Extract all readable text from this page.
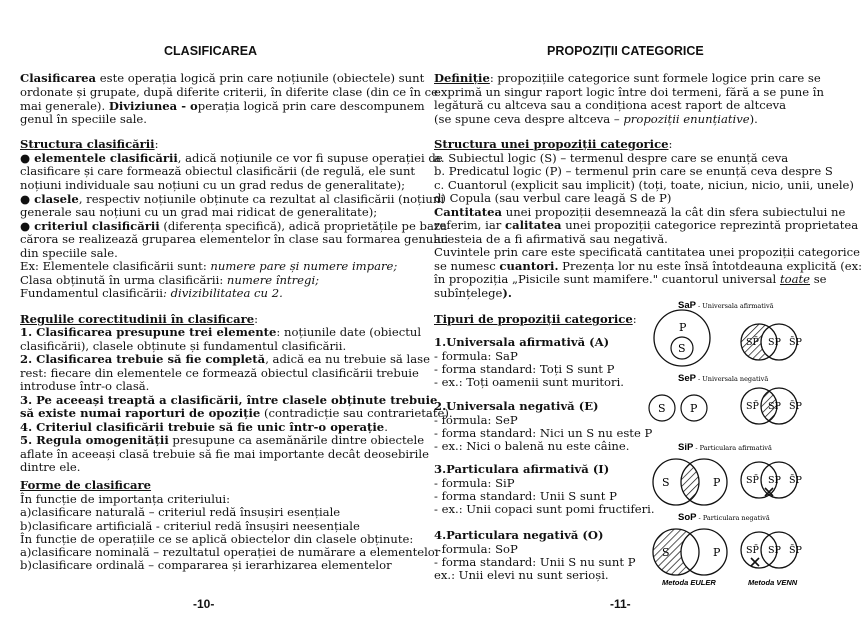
CLASIFICAREA
Clasificarea este operația logică prin care noțiunile (obiectele) sunt
ordonate și grupate, după diferite criterii, în diferite clase (din ce în ce
mai generale). Diviziunea - operația logică prin care descompunem
genul în speciile sale.
Structura clasificării:
● elementele clasificării, adică noțiunile ce vor fi supuse operației de
clasificare și care formează obiectul clasificării (de regulă, ele sunt
noțiuni individuale sau noțiuni cu un grad redus de generalitate);
● clasele, respectiv noțiunile obținute ca rezultat al clasificării (noțiuni
generale sau noțiuni cu un grad mai ridicat de generalitate);
● criteriul clasificării (diferența specifică), adică proprietățile pe baza
cărora se realizează gruparea elementelor în clase sau formarea genului
din speciile sale.
Ex: Elementele clasificării sunt: numere pare și numere impare;
Clasa obținută în urma clasificării: numere întregi;
Fundamentul clasificării: divizibilitatea cu 2.
Regulile corectitudinii în clasificare:
1. Clasificarea presupune trei elemente: noțiunile date (obiectul
clasificării), clasele obținute și fundamentul clasificării.
2. Clasificarea trebuie să fie completă, adică ea nu trebuie să lase
rest: fiecare din elementele ce formează obiectul clasificării trebuie
introduse într-o clasă.
3. Pe aceeași treaptă a clasificării, între clasele obținute trebuie
să existe numai raporturi de opoziție (contradicție sau contrarietate).
4. Criteriul clasificării trebuie să fie unic într-o operație.
5. Regula omogenității presupune ca asemănările dintre obiectele
aflate în aceeași clasă trebuie să fie mai importante decât deosebirile
dintre ele.
Forme de clasificare
În funcție de importanța criteriului:
a)clasificare naturală – criteriul redă însușiri esențiale
b)clasificare artificială - criteriul redă însușiri neesențiale
În funcție de operațiile ce se aplică obiectelor din clasele obținute:
a)clasificare nominală – rezultatul operației de numărare a elementelor
b)clasificare ordinală – compararea și ierarhizarea elementelor
-10-
PROPOZIȚII CATEGORICE
Definiție: propozițiile categorice sunt formele logice prin care se
exprimă un singur raport logic între doi termeni, fără a se pune în
legătură cu altceva sau a condiționa acest raport de altceva
(se spune ceva despre altceva – propoziții enunțiative).
Structura unei propoziții categorice:
a. Subiectul logic (S) – termenul despre care se enunță ceva
b. Predicatul logic (P) – termenul prin care se enunță ceva despre S
c. Cuantorul (explicit sau implicit) (toți, toate, niciun, nicio, unii, unele)
d) Copula (sau verbul care leagă S de P)
Cantitatea unei propoziții desemnează la cât din sfera subiectului ne
referim, iar calitatea unei propoziții categorice reprezintă proprietatea
acesteia de a fi afirmativă sau negativă.
Cuvintele prin care este specificată cantitatea unei propoziții categorice
se numesc cuantori. Prezența lor nu este însă întotdeauna explicită (ex:
în propoziția „Pisicile sunt mamifere." cuantorul universal toate se
subînțelege).
Tipuri de propoziții categorice:
1.Universala afirmativă (A)
- formula: SaP
- forma standard: Toți S sunt P
- ex.: Toți oamenii sunt muritori.
2.Universala negativă (E)
- formula: SeP
- forma standard: Nici un S nu este P
- ex.: Nici o balenă nu este câine.
3.Particulara afirmativă (I)
- formula: SiP
- forma standard: Unii S sunt P
- ex.: Unii copaci sunt pomi fructiferi.
4.Particulara negativă (O)
- formula: SoP
- forma standard: Unii S nu sunt P
ex.: Unii elevi nu sunt serioși.
SaP - Universala afirmativă
SeP - Universala negativă
SiP - Particulara afirmativă
SoP - Particulara negativă
P
S	SP̄ SP S̄P
S P	SP̄ SP S̄P
S	P	SP̄ SP S̄P
S	P	SP̄ SP S̄P
Metoda EULER	Metoda VENN
-11-
